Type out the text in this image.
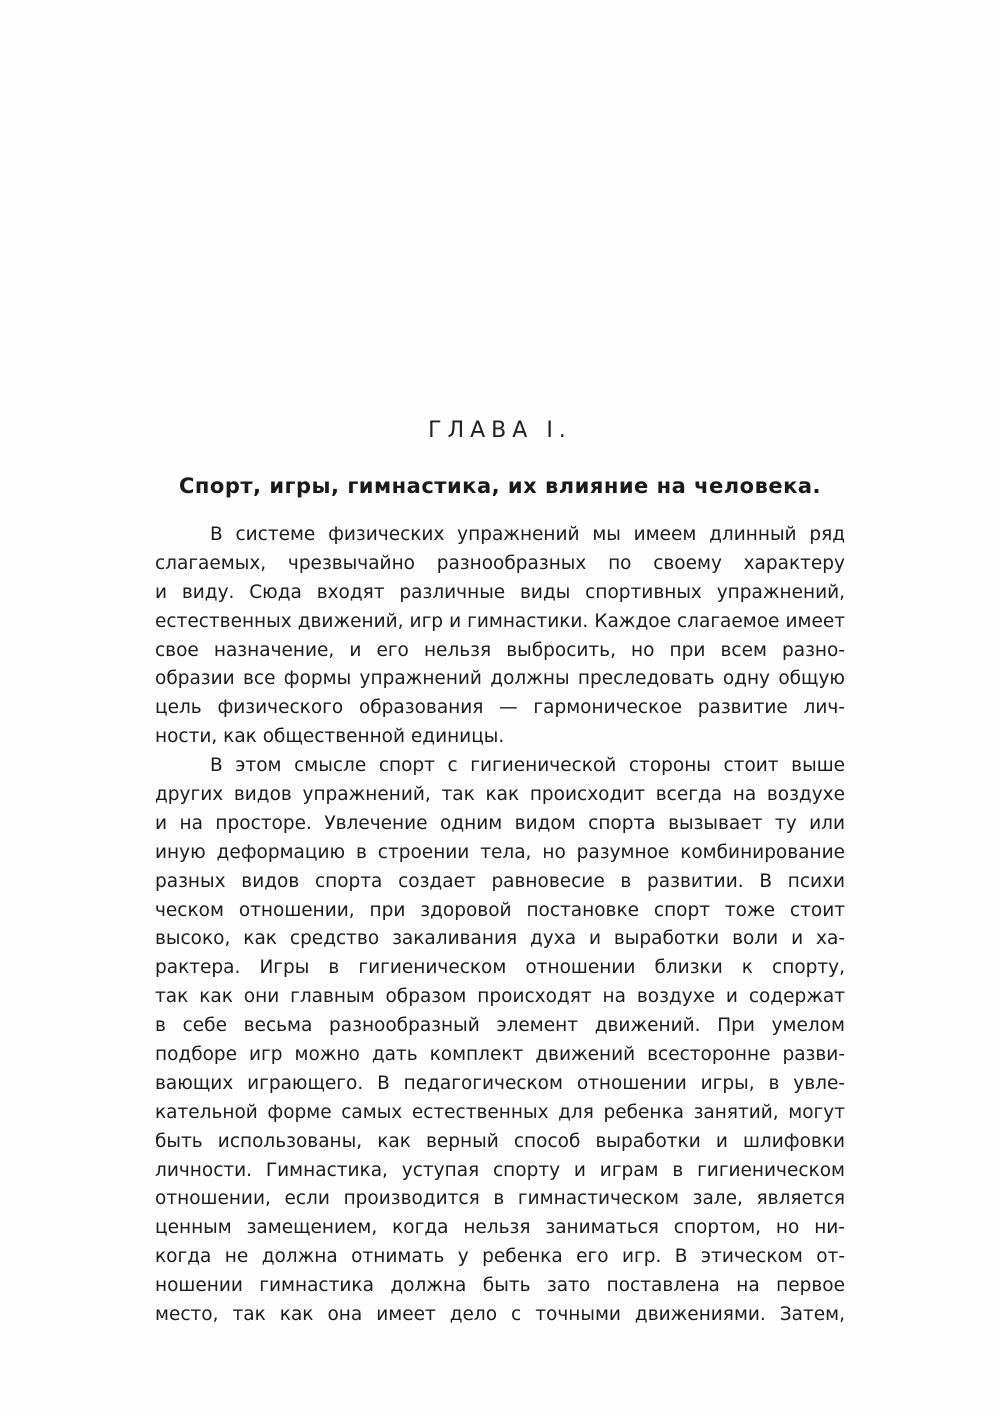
ГЛАВА I.
Спорт, игры, гимнастика, их влияние на человека.
В системе физических упражнений мы имеем длинный ряд
слагаемых, чрезвычайно разнообразных по своему характеру
и виду. Сюда входят различные виды спортивных упражнений,
естественных движений, игр и гимнастики. Каждое слагаемое имеет
свое назначение, и его нельзя выбросить, но при всем разно-
образии все формы упражнений должны преследовать одну общую
цель физического образования — гармоническое развитие лич-
ности, как общественной единицы.
В этом смысле спорт с гигиенической стороны стоит выше
других видов упражнений, так как происходит всегда на воздухе
и на просторе. Увлечение одним видом спорта вызывает ту или
иную деформацию в строении тела, но разумное комбинирование
разных видов спорта создает равновесие в развитии. В психи
ческом отношении, при здоровой постановке спорт тоже стоит
высоко, как средство закаливания духа и выработки воли и ха-
рактера. Игры в гигиеническом отношении близки к спорту,
так как они главным образом происходят на воздухе и содержат
в себе весьма разнообразный элемент движений. При умелом
подборе игр можно дать комплект движений всесторонне разви-
вающих играющего. В педагогическом отношении игры, в увле-
кательной форме самых естественных для ребенка занятий, могут
быть использованы, как верный способ выработки и шлифовки
личности. Гимнастика, уступая спорту и играм в гигиеническом
отношении, если производится в гимнастическом зале, является
ценным замещением, когда нельзя заниматься спортом, но ни-
когда не должна отнимать у ребенка его игр. В этическом от-
ношении гимнастика должна быть зато поставлена на первое
место, так как она имеет дело с точными движениями. Затем,
